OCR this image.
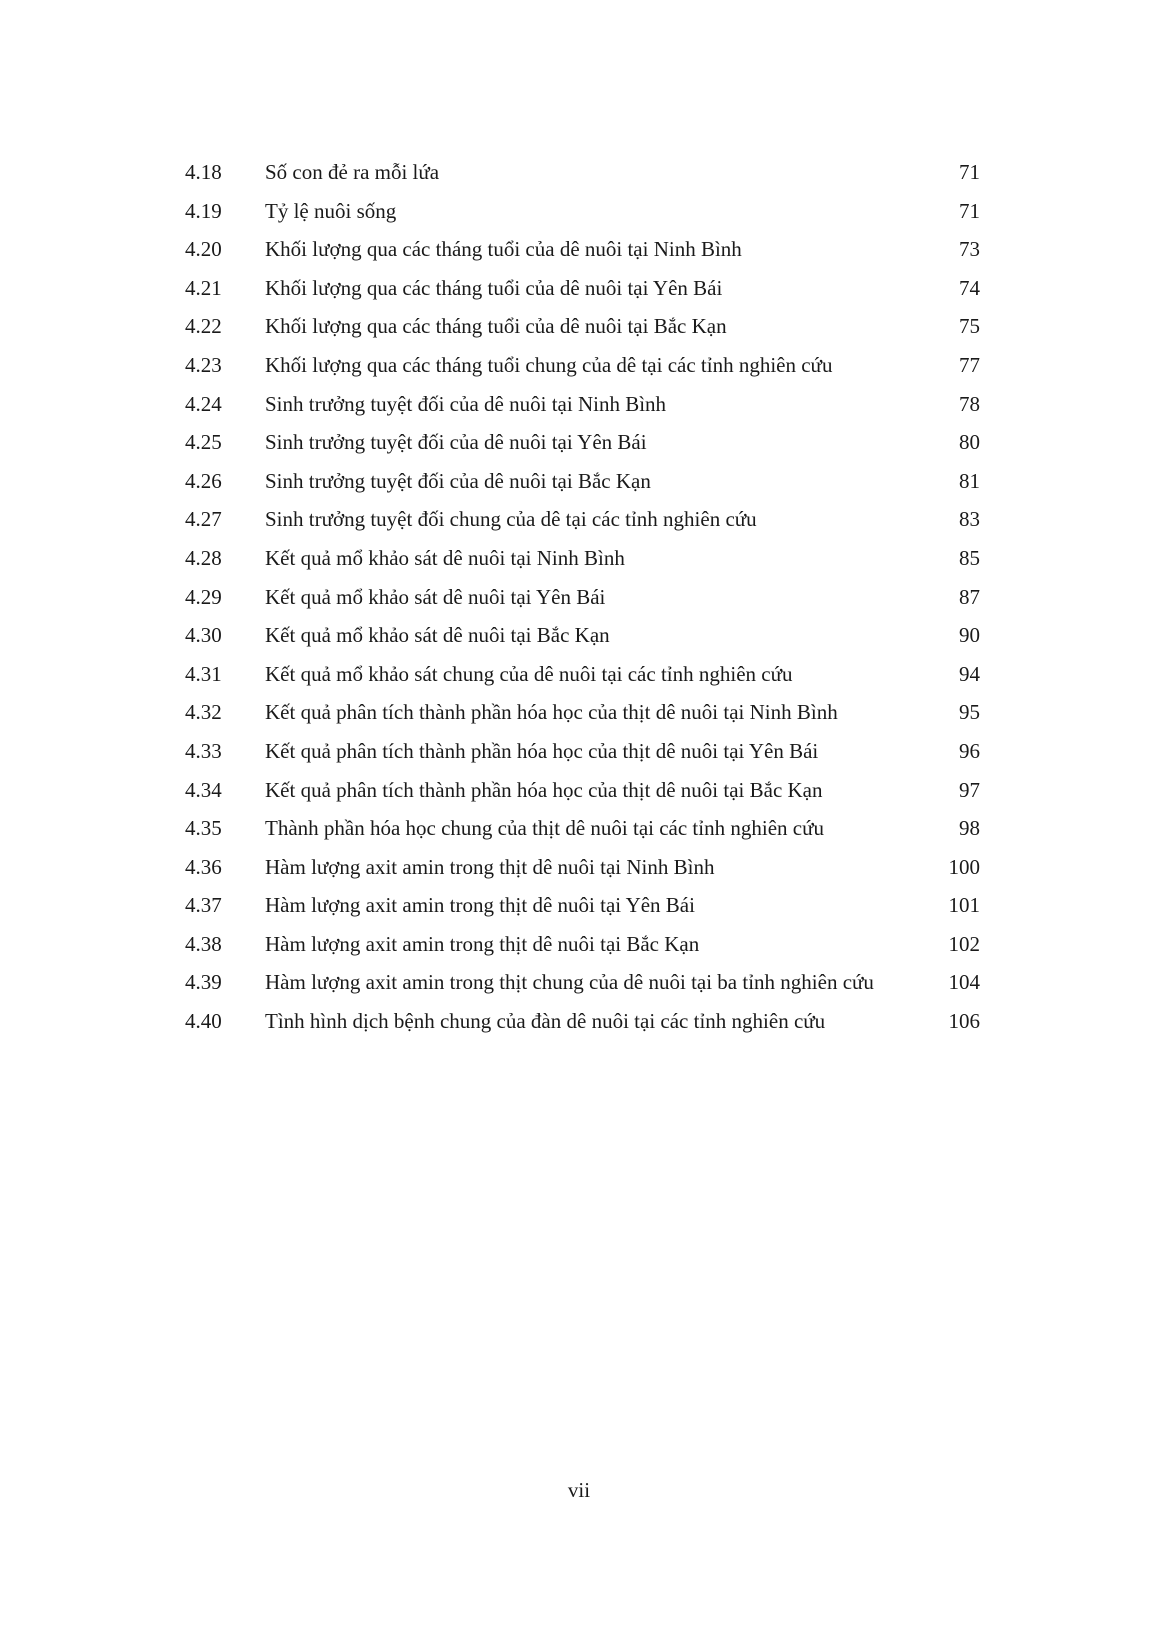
4.18 Số con đẻ ra mỗi lứa	71
4.19 Tỷ lệ nuôi sống	71
4.20 Khối lượng qua các tháng tuổi của dê nuôi tại Ninh Bình	73
4.21 Khối lượng qua các tháng tuổi của dê nuôi tại Yên Bái	74
4.22 Khối lượng qua các tháng tuổi của dê nuôi tại Bắc Kạn	75
4.23 Khối lượng qua các tháng tuổi chung của dê tại các tỉnh nghiên cứu	77
4.24 Sinh trưởng tuyệt đối của dê nuôi tại Ninh Bình	78
4.25 Sinh trưởng tuyệt đối của dê nuôi tại Yên Bái	80
4.26 Sinh trưởng tuyệt đối của dê nuôi tại Bắc Kạn	81
4.27 Sinh trưởng tuyệt đối chung của dê tại các tỉnh nghiên cứu	83
4.28 Kết quả mổ khảo sát dê nuôi tại Ninh Bình	85
4.29 Kết quả mổ khảo sát dê nuôi tại Yên Bái	87
4.30 Kết quả mổ khảo sát dê nuôi tại Bắc Kạn	90
4.31 Kết quả mổ khảo sát chung của dê nuôi tại các tỉnh nghiên cứu	94
4.32 Kết quả phân tích thành phần hóa học của thịt dê nuôi tại Ninh Bình	95
4.33 Kết quả phân tích thành phần hóa học của thịt dê nuôi tại Yên Bái	96
4.34 Kết quả phân tích thành phần hóa học của thịt dê nuôi tại Bắc Kạn	97
4.35 Thành phần hóa học chung của thịt dê nuôi tại các tỉnh nghiên cứu	98
4.36 Hàm lượng axit amin trong thịt dê nuôi tại Ninh Bình	100
4.37 Hàm lượng axit amin trong thịt dê nuôi tại Yên Bái	101
4.38 Hàm lượng axit amin trong thịt dê nuôi tại Bắc Kạn	102
4.39 Hàm lượng axit amin trong thịt chung của dê nuôi tại ba tỉnh nghiên cứu	104
4.40 Tình hình dịch bệnh chung của đàn dê nuôi tại các tỉnh nghiên cứu	106
vii
